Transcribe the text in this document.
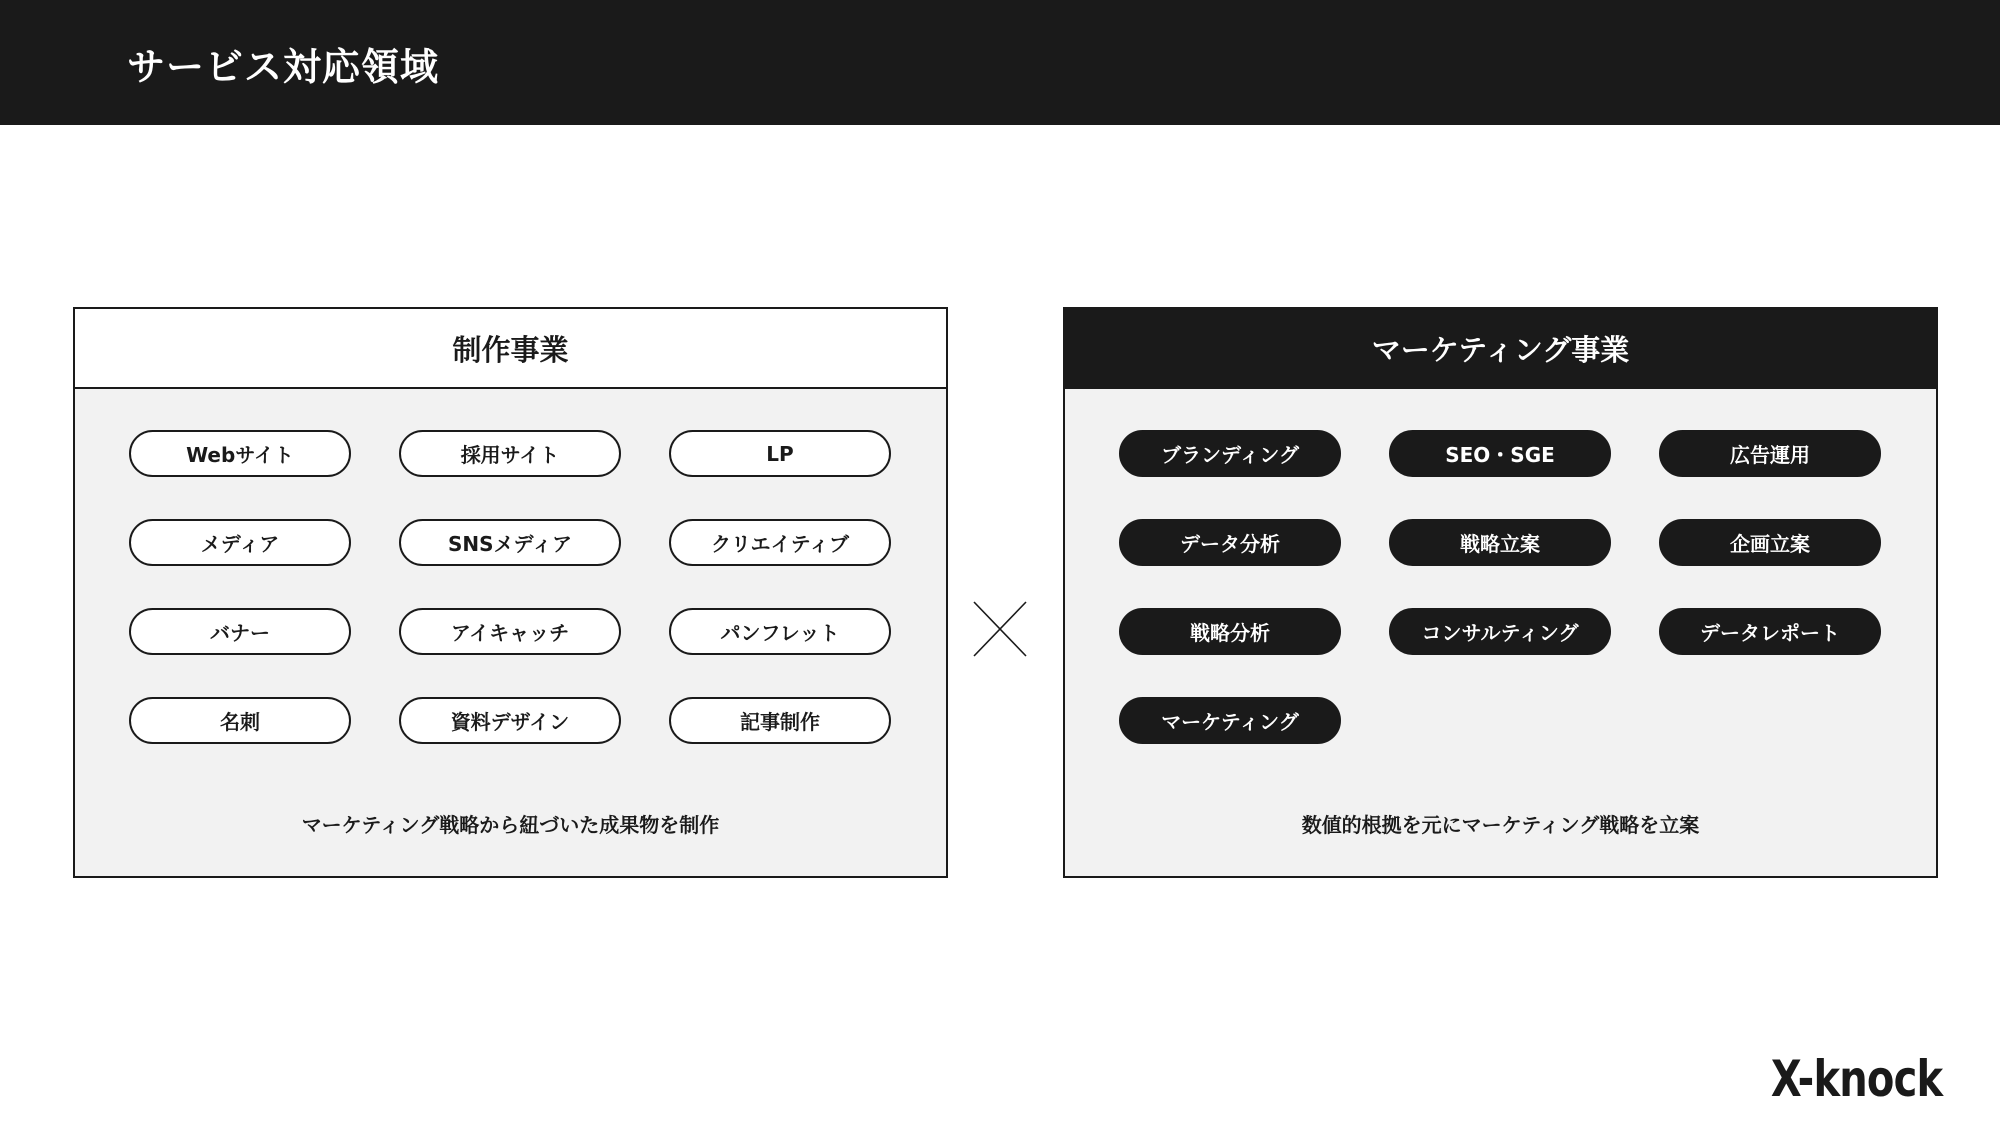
サービス対応領域
制作事業
Webサイト	採用サイト	LP
メディア	SNSメディア	クリエイティブ
バナー	アイキャッチ	パンフレット
名刺	資料デザイン	記事制作

マーケティング戦略から紐づいた成果物を制作

マーケティング事業
ブランディング	SEO・SGE	広告運用
データ分析	戦略立案	企画立案
戦略分析	コンサルティング	データレポート
マーケティング

数値的根拠を元にマーケティング戦略を立案

X-knock
